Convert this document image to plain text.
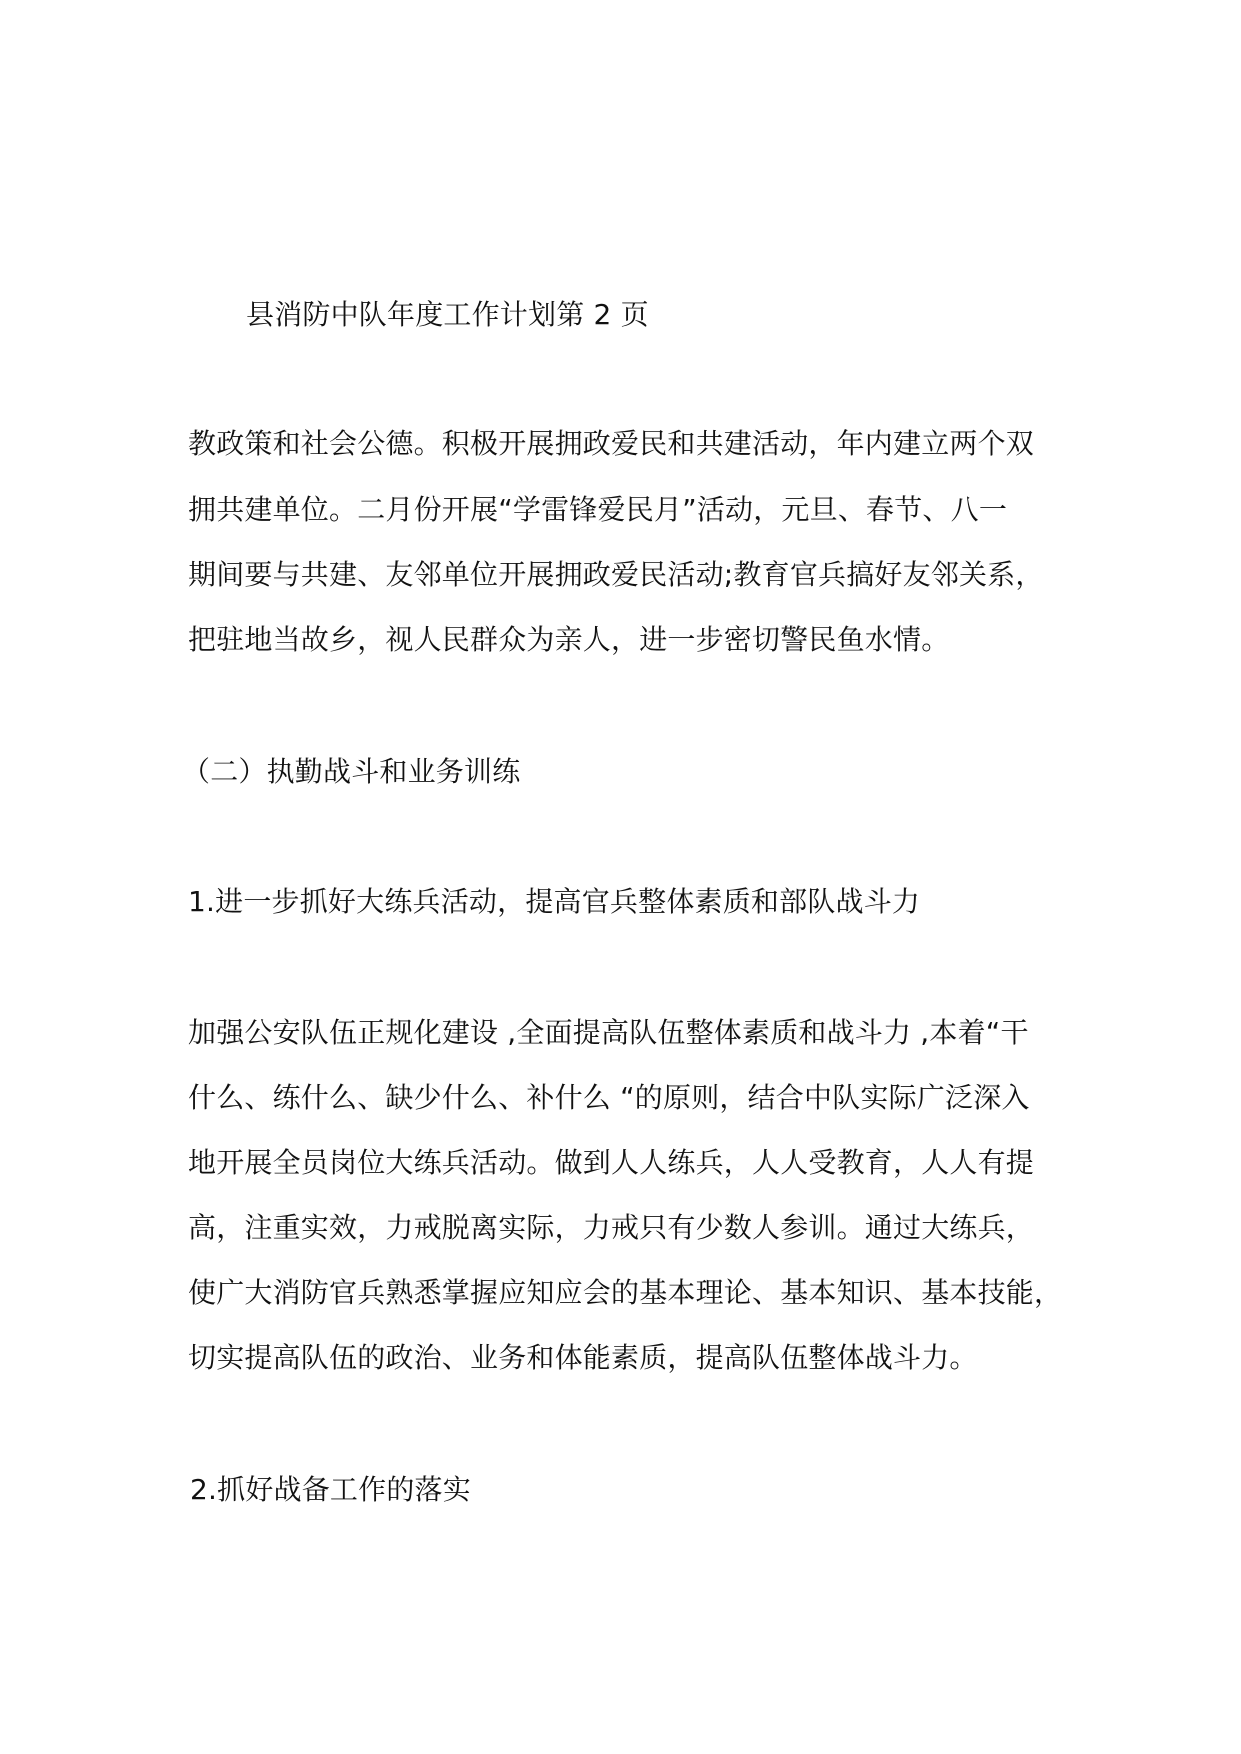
县消防中队年度工作计划第 2 页
教政策和社会公德。积极开展拥政爱民和共建活动，年内建立两个双
拥共建单位。二月份开展“学雷锋爱民月”活动，元旦、春节、八一
期间要与共建、友邻单位开展拥政爱民活动;教育官兵搞好友邻关系，
把驻地当故乡，视人民群众为亲人，进一步密切警民鱼水情。
（二）执勤战斗和业务训练
1.进一步抓好大练兵活动，提高官兵整体素质和部队战斗力
加强公安队伍正规化建设 ,全面提高队伍整体素质和战斗力 ,本着“干
什么、练什么、缺少什么、补什么 “的原则，结合中队实际广泛深入
地开展全员岗位大练兵活动。做到人人练兵，人人受教育，人人有提
高，注重实效，力戒脱离实际，力戒只有少数人参训。通过大练兵，
使广大消防官兵熟悉掌握应知应会的基本理论、基本知识、基本技能，
切实提高队伍的政治、业务和体能素质，提高队伍整体战斗力。
2.抓好战备工作的落实
